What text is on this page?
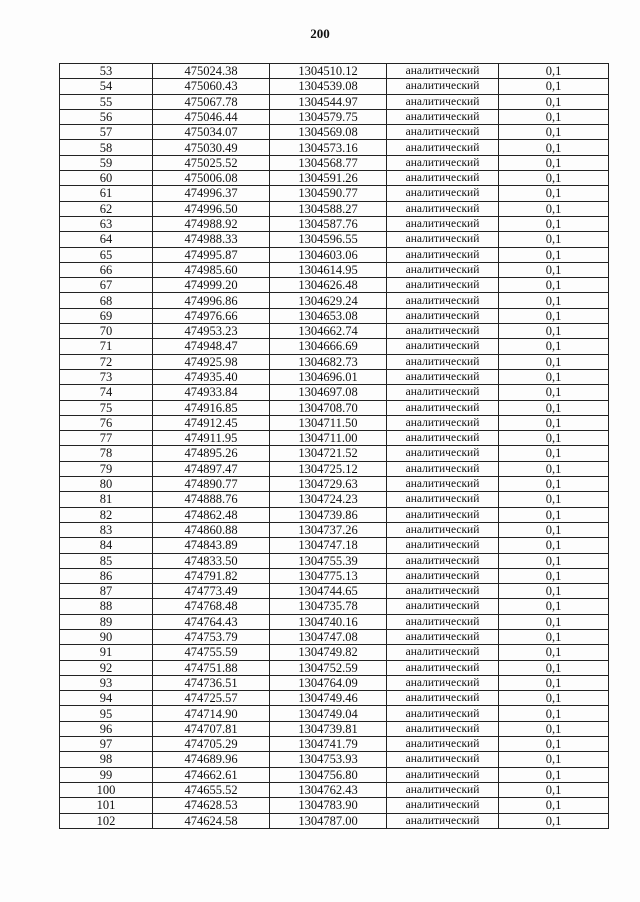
200
53	475024.38	1304510.12	аналитический	0,1
54	475060.43	1304539.08	аналитический	0,1
55	475067.78	1304544.97	аналитический	0,1
56	475046.44	1304579.75	аналитический	0,1
57	475034.07	1304569.08	аналитический	0,1
58	475030.49	1304573.16	аналитический	0,1
59	475025.52	1304568.77	аналитический	0,1
60	475006.08	1304591.26	аналитический	0,1
61	474996.37	1304590.77	аналитический	0,1
62	474996.50	1304588.27	аналитический	0,1
63	474988.92	1304587.76	аналитический	0,1
64	474988.33	1304596.55	аналитический	0,1
65	474995.87	1304603.06	аналитический	0,1
66	474985.60	1304614.95	аналитический	0,1
67	474999.20	1304626.48	аналитический	0,1
68	474996.86	1304629.24	аналитический	0,1
69	474976.66	1304653.08	аналитический	0,1
70	474953.23	1304662.74	аналитический	0,1
71	474948.47	1304666.69	аналитический	0,1
72	474925.98	1304682.73	аналитический	0,1
73	474935.40	1304696.01	аналитический	0,1
74	474933.84	1304697.08	аналитический	0,1
75	474916.85	1304708.70	аналитический	0,1
76	474912.45	1304711.50	аналитический	0,1
77	474911.95	1304711.00	аналитический	0,1
78	474895.26	1304721.52	аналитический	0,1
79	474897.47	1304725.12	аналитический	0,1
80	474890.77	1304729.63	аналитический	0,1
81	474888.76	1304724.23	аналитический	0,1
82	474862.48	1304739.86	аналитический	0,1
83	474860.88	1304737.26	аналитический	0,1
84	474843.89	1304747.18	аналитический	0,1
85	474833.50	1304755.39	аналитический	0,1
86	474791.82	1304775.13	аналитический	0,1
87	474773.49	1304744.65	аналитический	0,1
88	474768.48	1304735.78	аналитический	0,1
89	474764.43	1304740.16	аналитический	0,1
90	474753.79	1304747.08	аналитический	0,1
91	474755.59	1304749.82	аналитический	0,1
92	474751.88	1304752.59	аналитический	0,1
93	474736.51	1304764.09	аналитический	0,1
94	474725.57	1304749.46	аналитический	0,1
95	474714.90	1304749.04	аналитический	0,1
96	474707.81	1304739.81	аналитический	0,1
97	474705.29	1304741.79	аналитический	0,1
98	474689.96	1304753.93	аналитический	0,1
99	474662.61	1304756.80	аналитический	0,1
100	474655.52	1304762.43	аналитический	0,1
101	474628.53	1304783.90	аналитический	0,1
102	474624.58	1304787.00	аналитический	0,1
